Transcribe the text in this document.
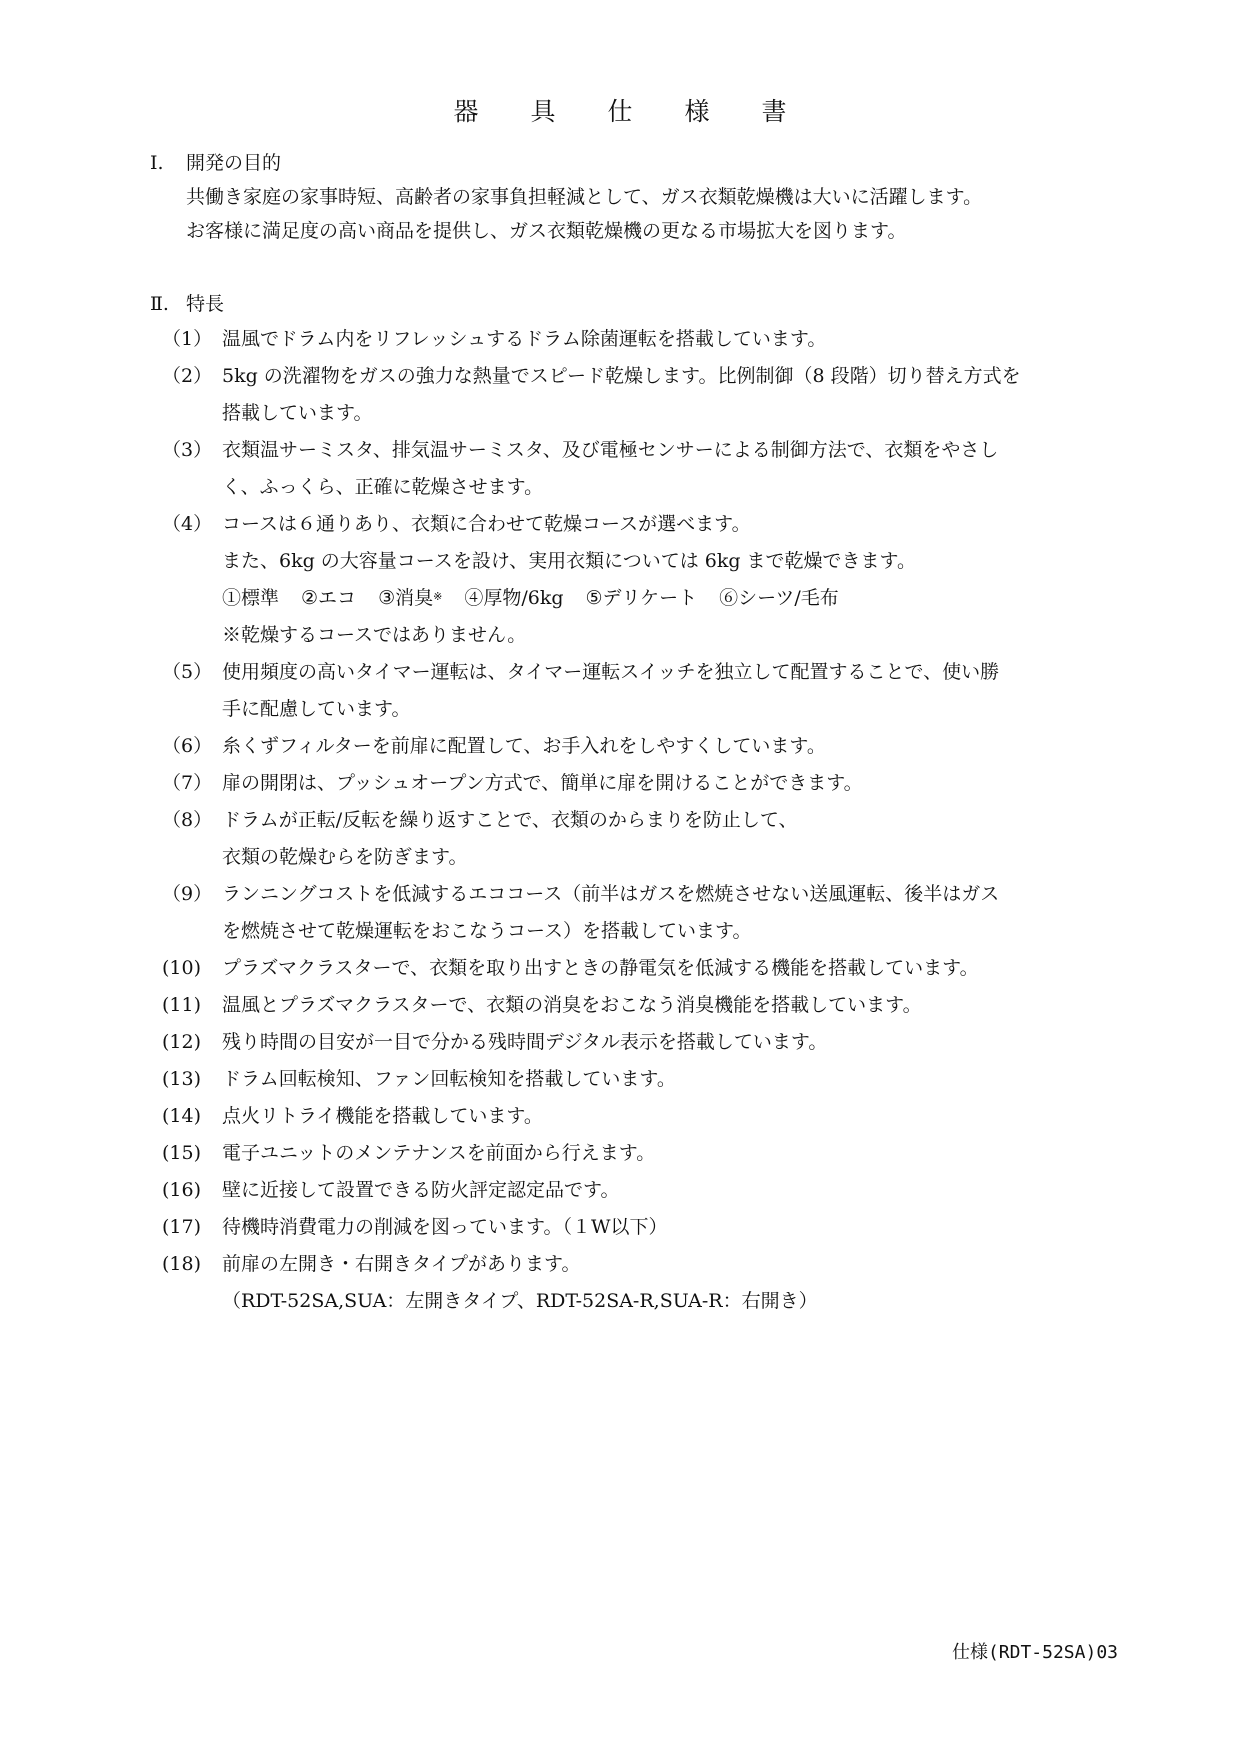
器具仕様書
Ⅰ.	開発の目的
共働き家庭の家事時短、高齢者の家事負担軽減として、ガス衣類乾燥機は大いに活躍します。
お客様に満足度の高い商品を提供し、ガス衣類乾燥機の更なる市場拡大を図ります。
Ⅱ. 特長
（1） 温風でドラム内をリフレッシュするドラム除菌運転を搭載しています。
（2） 5kg の洗濯物をガスの強力な熱量でスピード乾燥します。比例制御（8 段階）切り替え方式を
搭載しています。
（3） 衣類温サーミスタ、排気温サーミスタ、及び電極センサーによる制御方法で、衣類をやさし
く、ふっくら、正確に乾燥させます。
（4） コースは６通りあり、衣類に合わせて乾燥コースが選べます。
また、6kg の大容量コースを設け、実用衣類については 6kg まで乾燥できます。
①標準 ②エコ ③消臭※ ④厚物/6kg ⑤デリケート ⑥シーツ/毛布
※乾燥するコースではありません。
（5） 使用頻度の高いタイマー運転は、タイマー運転スイッチを独立して配置することで、使い勝
手に配慮しています。
（6） 糸くずフィルターを前扉に配置して、お手入れをしやすくしています。
（7） 扉の開閉は、プッシュオープン方式で、簡単に扉を開けることができます。
（8） ドラムが正転/反転を繰り返すことで、衣類のからまりを防止して、
衣類の乾燥むらを防ぎます。
（9） ランニングコストを低減するエココース（前半はガスを燃焼させない送風運転、後半はガス
を燃焼させて乾燥運転をおこなうコース）を搭載しています。
(10)	プラズマクラスターで、衣類を取り出すときの静電気を低減する機能を搭載しています。
(11)	温風とプラズマクラスターで、衣類の消臭をおこなう消臭機能を搭載しています。
(12)	残り時間の目安が一目で分かる残時間デジタル表示を搭載しています。
(13)	ドラム回転検知、ファン回転検知を搭載しています。
(14)	点火リトライ機能を搭載しています。
(15)	電子ユニットのメンテナンスを前面から行えます。
(16)	壁に近接して設置できる防火評定認定品です。
(17)	待機時消費電力の削減を図っています。（１W以下）
(18)	前扉の左開き・右開きタイプがあります。
（RDT-52SA,SUA：左開きタイプ、RDT-52SA-R,SUA-R：右開き）
仕様(RDT-52SA)03
